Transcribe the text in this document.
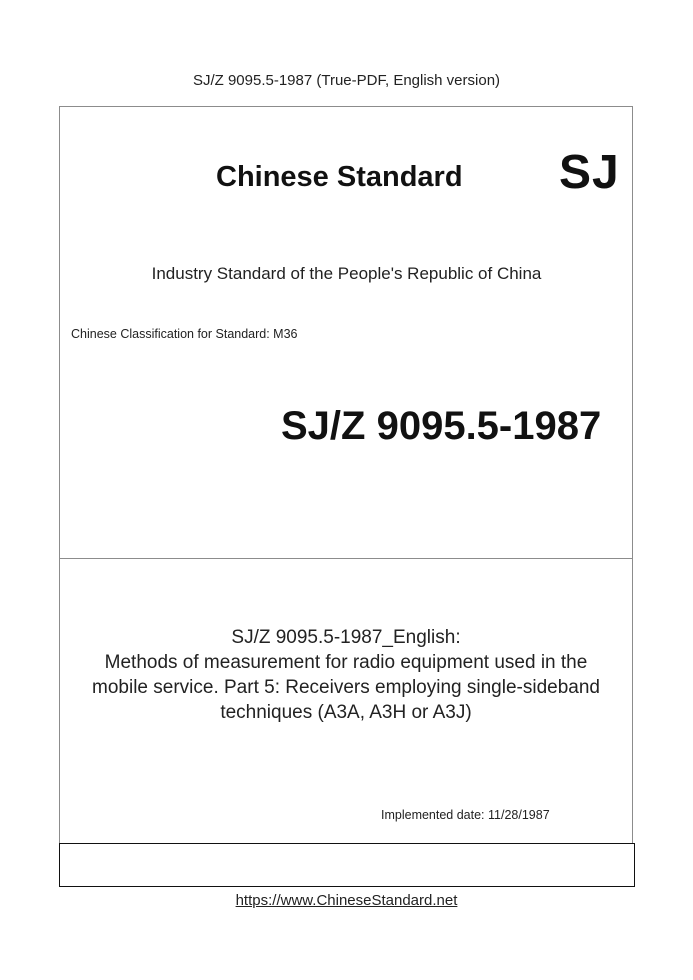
SJ/Z 9095.5-1987 (True-PDF, English version)
Chinese Standard SJ
Industry Standard of the People's Republic of China
Chinese Classification for Standard: M36
SJ/Z 9095.5-1987
SJ/Z 9095.5-1987_English:
Methods of measurement for radio equipment used in the
mobile service. Part 5: Receivers employing single-sideband
techniques (A3A, A3H or A3J)
Implemented date: 11/28/1987
https://www.ChineseStandard.net
